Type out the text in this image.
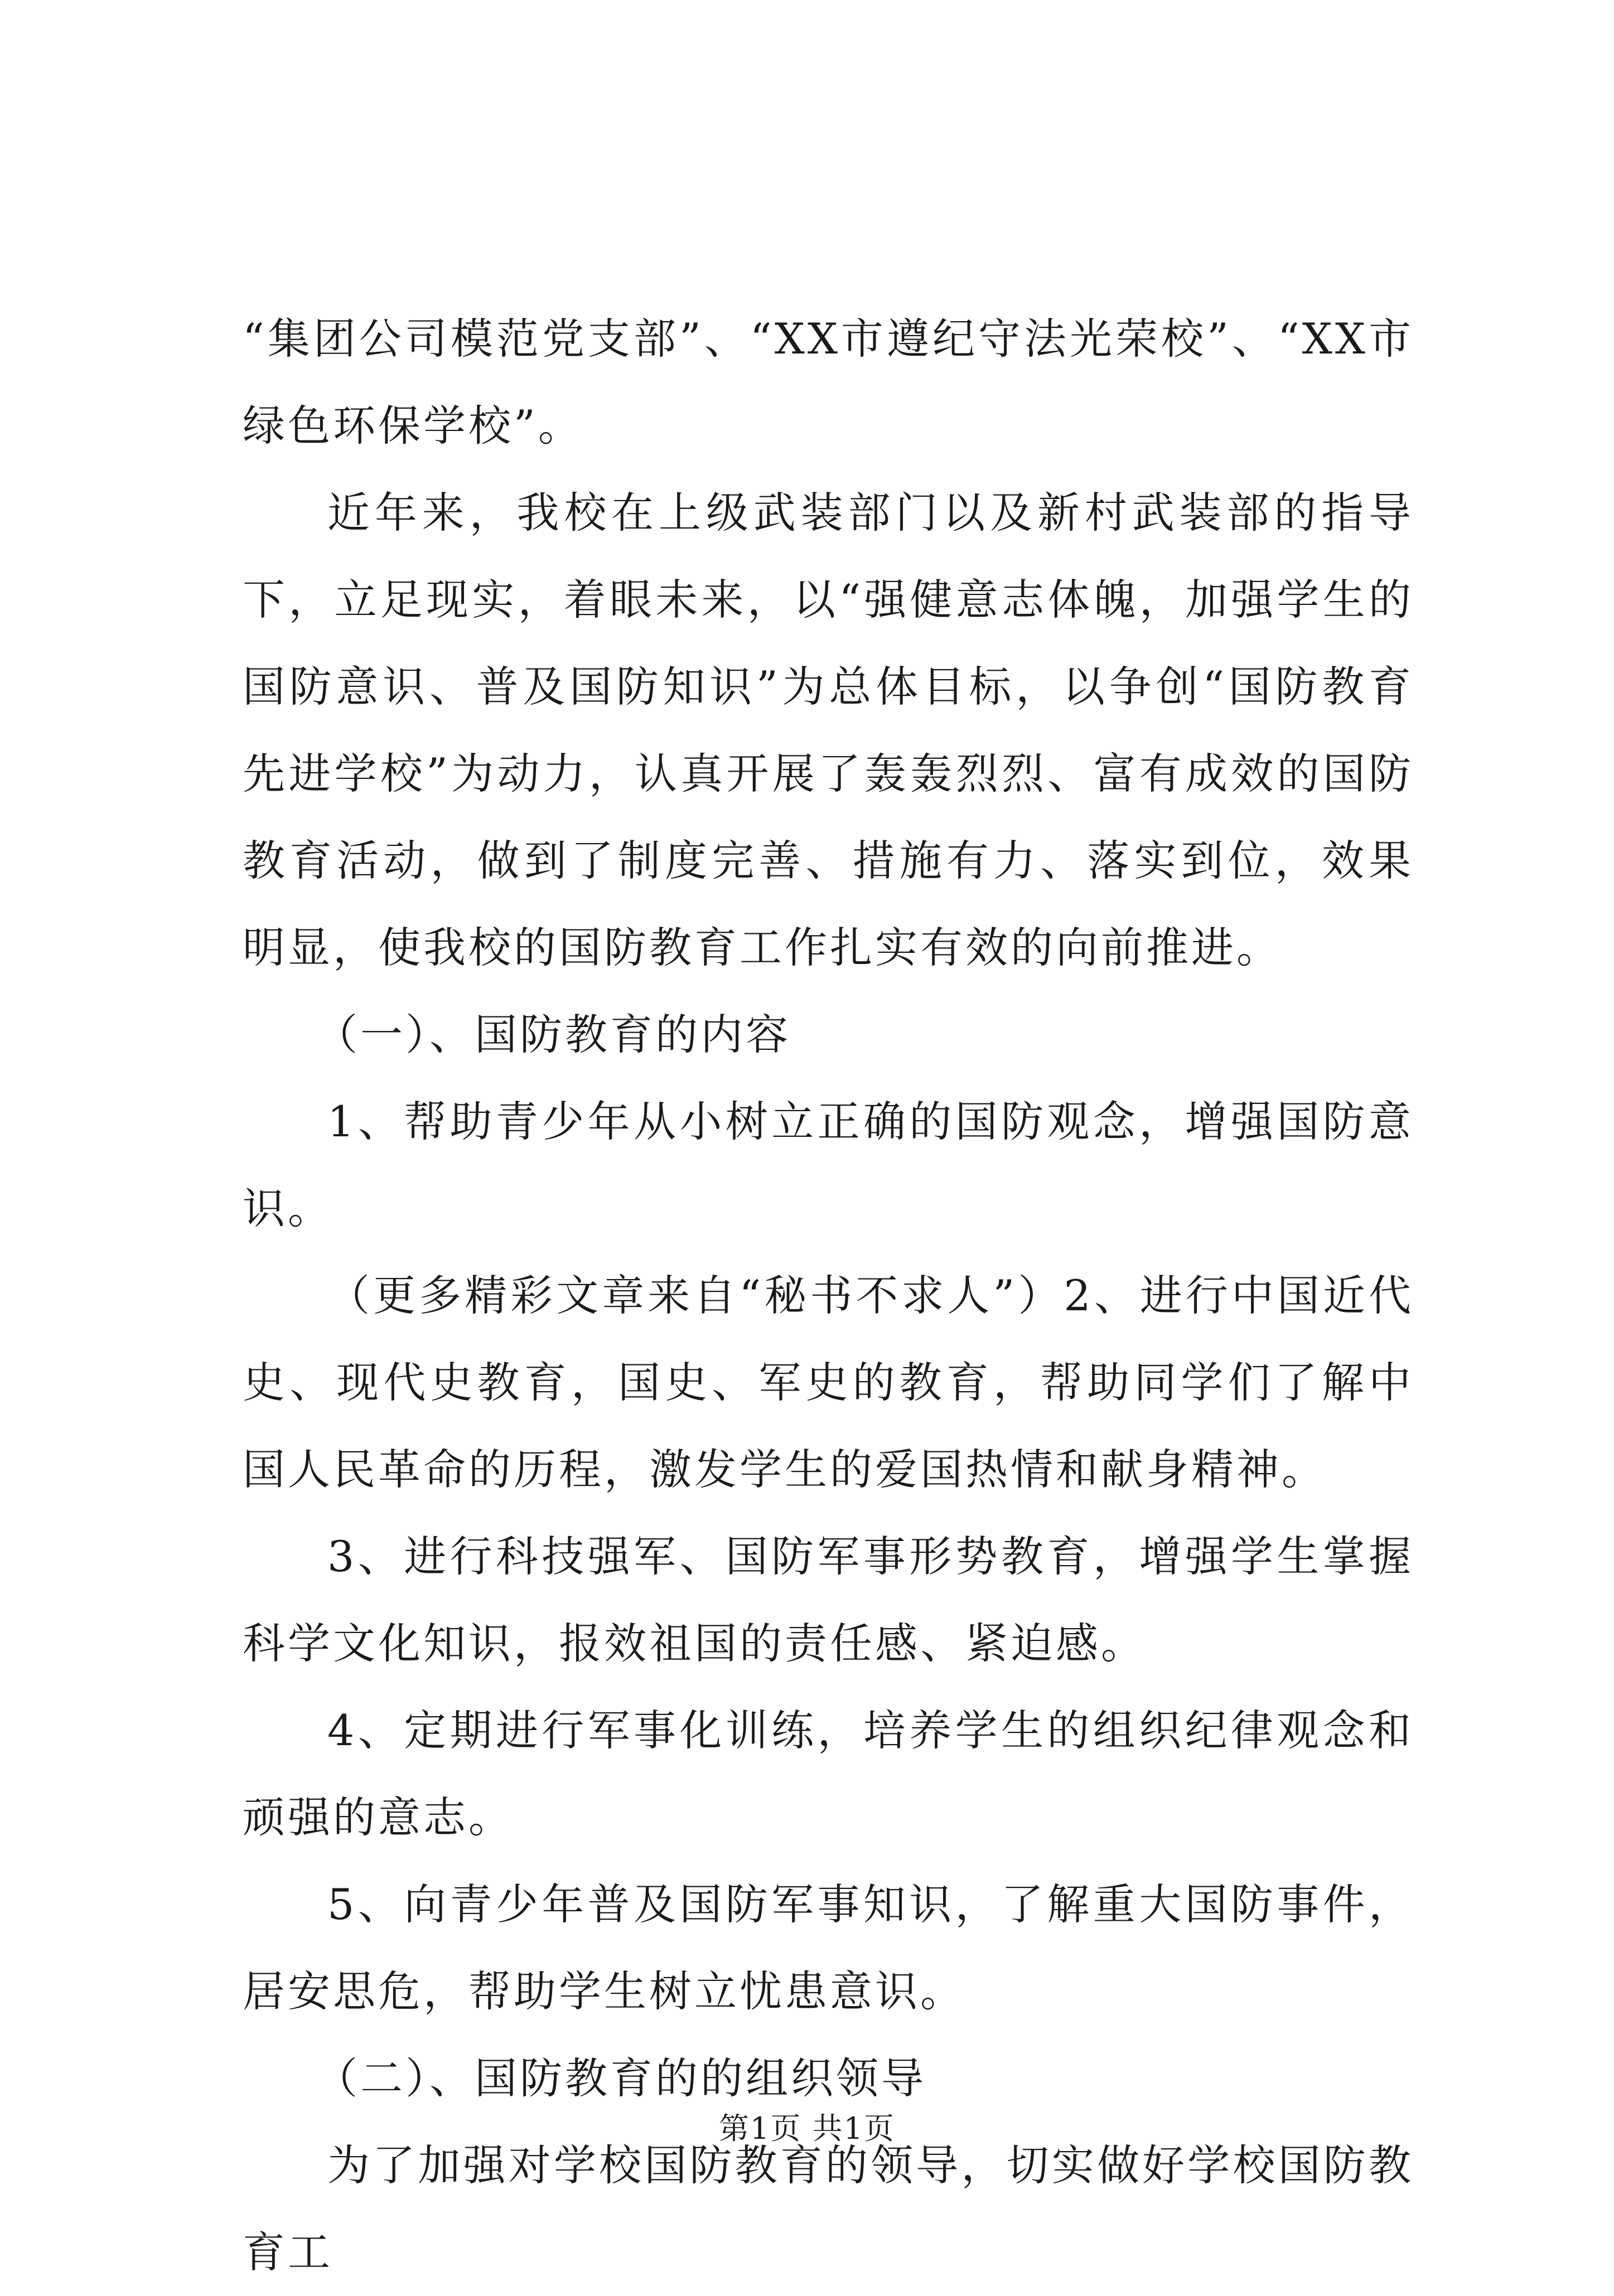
“集团公司模范党支部”、“XX市遵纪守法光荣校”、“XX市绿色环保学校”。

近年来，我校在上级武装部门以及新村武装部的指导下，立足现实，着眼未来，以“强健意志体魄，加强学生的国防意识、普及国防知识”为总体目标，以争创“国防教育先进学校”为动力，认真开展了轰轰烈烈、富有成效的国防教育活动，做到了制度完善、措施有力、落实到位，效果明显，使我校的国防教育工作扎实有效的向前推进。

（一）、国防教育的内容

1、帮助青少年从小树立正确的国防观念，增强国防意识。

（更多精彩文章来自“秘书不求人”）2、进行中国近代史、现代史教育，国史、军史的教育，帮助同学们了解中国人民革命的历程，激发学生的爱国热情和献身精神。

3、进行科技强军、国防军事形势教育，增强学生掌握科学文化知识，报效祖国的责任感、紧迫感。

4、定期进行军事化训练，培养学生的组织纪律观念和顽强的意志。

5、向青少年普及国防军事知识，了解重大国防事件，居安思危，帮助学生树立忧患意识。

（二）、国防教育的的组织领导

为了加强对学校国防教育的领导，切实做好学校国防教育工

第1页 共1页
